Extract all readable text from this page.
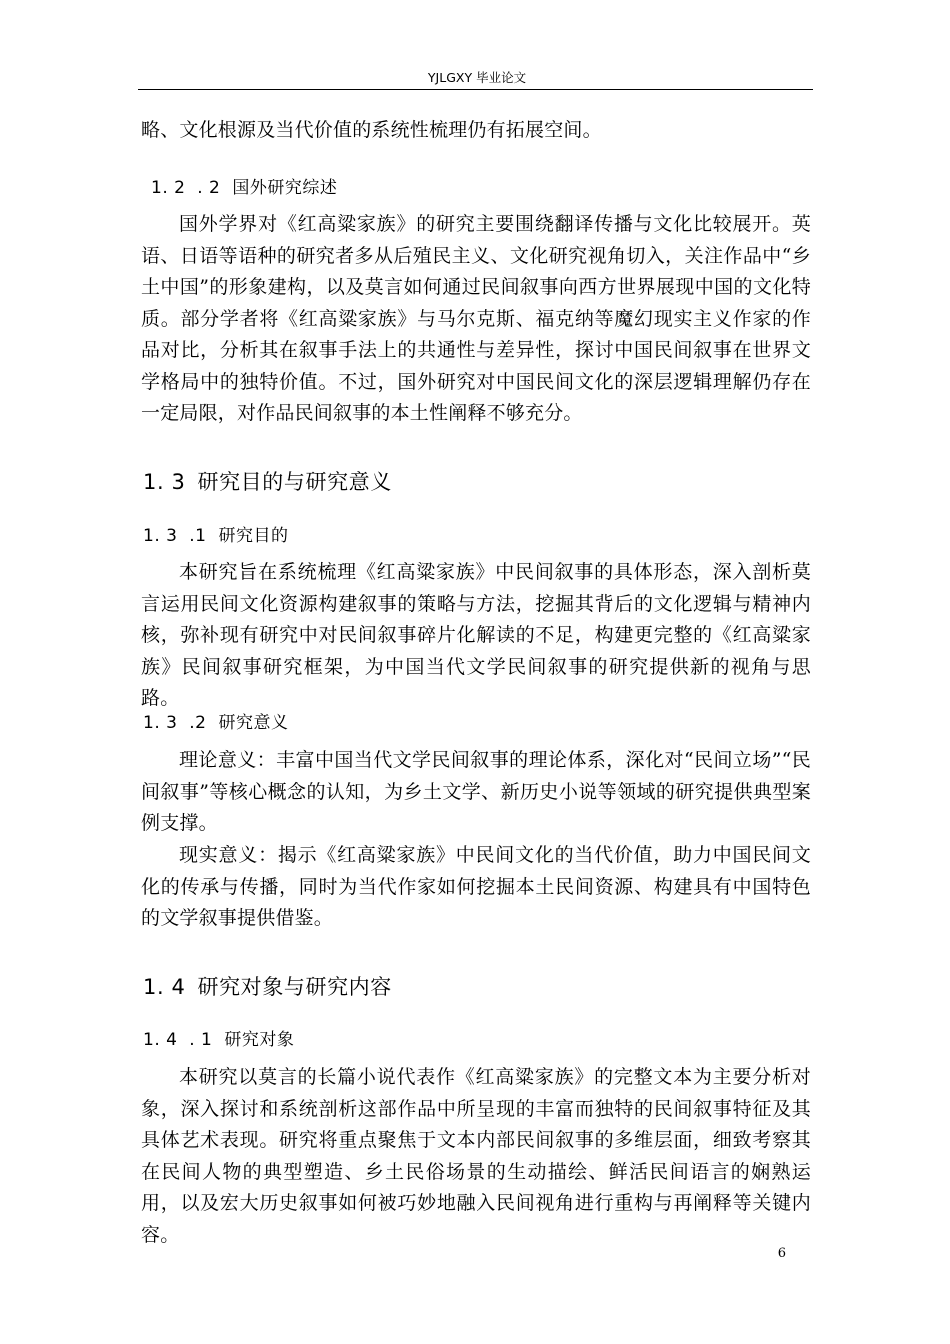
YJLGXY 毕业论文

略、文化根源及当代价值的系统性梳理仍有拓展空间。

1. 2  . 2 国外研究综述

国外学界对《红高粱家族》的研究主要围绕翻译传播与文化比较展开。英语、日语等语种的研究者多从后殖民主义、文化研究视角切入，关注作品中“乡土中国”的形象建构，以及莫言如何通过民间叙事向西方世界展现中国的文化特质。部分学者将《红高粱家族》与马尔克斯、福克纳等魔幻现实主义作家的作品对比，分析其在叙事手法上的共通性与差异性，探讨中国民间叙事在世界文学格局中的独特价值。不过，国外研究对中国民间文化的深层逻辑理解仍存在一定局限，对作品民间叙事的本土性阐释不够充分。

1. 3 研究目的与研究意义
1. 3  .1 研究目的

本研究旨在系统梳理《红高粱家族》中民间叙事的具体形态，深入剖析莫言运用民间文化资源构建叙事的策略与方法，挖掘其背后的文化逻辑与精神内核，弥补现有研究中对民间叙事碎片化解读的不足，构建更完整的《红高粱家族》民间叙事研究框架，为中国当代文学民间叙事的研究提供新的视角与思路。

1. 3  .2 研究意义

理论意义：丰富中国当代文学民间叙事的理论体系，深化对“民间立场”“民间叙事”等核心概念的认知，为乡土文学、新历史小说等领域的研究提供典型案例支撑。

现实意义：揭示《红高粱家族》中民间文化的当代价值，助力中国民间文化的传承与传播，同时为当代作家如何挖掘本土民间资源、构建具有中国特色的文学叙事提供借鉴。

1. 4 研究对象与研究内容
1. 4  . 1 研究对象

本研究以莫言的长篇小说代表作《红高粱家族》的完整文本为主要分析对象，深入探讨和系统剖析这部作品中所呈现的丰富而独特的民间叙事特征及其具体艺术表现。研究将重点聚焦于文本内部民间叙事的多维层面，细致考察其在民间人物的典型塑造、乡土民俗场景的生动描绘、鲜活民间语言的娴熟运用，以及宏大历史叙事如何被巧妙地融入民间视角进行重构与再阐释等关键内容。

6
